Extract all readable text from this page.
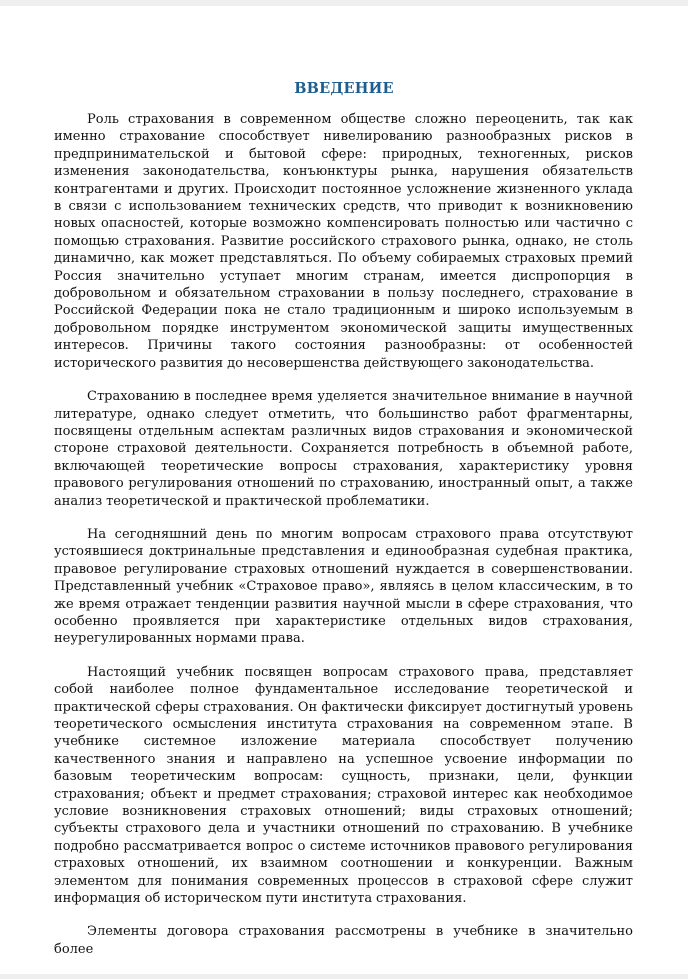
ВВЕДЕНИЕ

Роль страхования в современном обществе сложно переоценить, так как именно страхование способствует нивелированию разнообразных рисков в предпринимательской и бытовой сфере: природных, техногенных, рисков изменения законодательства, конъюнктуры рынка, нарушения обязательств контрагентами и других. Происходит постоянное усложнение жизненного уклада в связи с использованием технических средств, что приводит к возникновению новых опасностей, которые возможно компенсировать полностью или частично с помощью страхования. Развитие российского страхового рынка, однако, не столь динамично, как может представляться. По объему собираемых страховых премий Россия значительно уступает многим странам, имеется диспропорция в добровольном и обязательном страховании в пользу последнего, страхование в Российской Федерации пока не стало традиционным и широко используемым в добровольном порядке инструментом экономической защиты имущественных интересов. Причины такого состояния разнообразны: от особенностей исторического развития до несовершенства действующего законодательства.

Страхованию в последнее время уделяется значительное внимание в научной литературе, однако следует отметить, что большинство работ фрагментарны, посвящены отдельным аспектам различных видов страхования и экономической стороне страховой деятельности. Сохраняется потребность в объемной работе, включающей теоретические вопросы страхования, характеристику уровня правового регулирования отношений по страхованию, иностранный опыт, а также анализ теоретической и практической проблематики.

На сегодняшний день по многим вопросам страхового права отсутствуют устоявшиеся доктринальные представления и единообразная судебная практика, правовое регулирование страховых отношений нуждается в совершенствовании. Представленный учебник «Страховое право», являясь в целом классическим, в то же время отражает тенденции развития научной мысли в сфере страхования, что особенно проявляется при характеристике отдельных видов страхования, неурегулированных нормами права.

Настоящий учебник посвящен вопросам страхового права, представляет собой наиболее полное фундаментальное исследование теоретической и практической сферы страхования. Он фактически фиксирует достигнутый уровень теоретического осмысления института страхования на современном этапе. В учебнике системное изложение материала способствует получению качественного знания и направлено на успешное усвоение информации по базовым теоретическим вопросам: сущность, признаки, цели, функции страхования; объект и предмет страхования; страховой интерес как необходимое условие возникновения страховых отношений; виды страховых отношений; субъекты страхового дела и участники отношений по страхованию. В учебнике подробно рассматривается вопрос о системе источников правового регулирования страховых отношений, их взаимном соотношении и конкуренции. Важным элементом для понимания современных процессов в страховой сфере служит информация об историческом пути института страхования.

Элементы договора страхования рассмотрены в учебнике в значительно более
